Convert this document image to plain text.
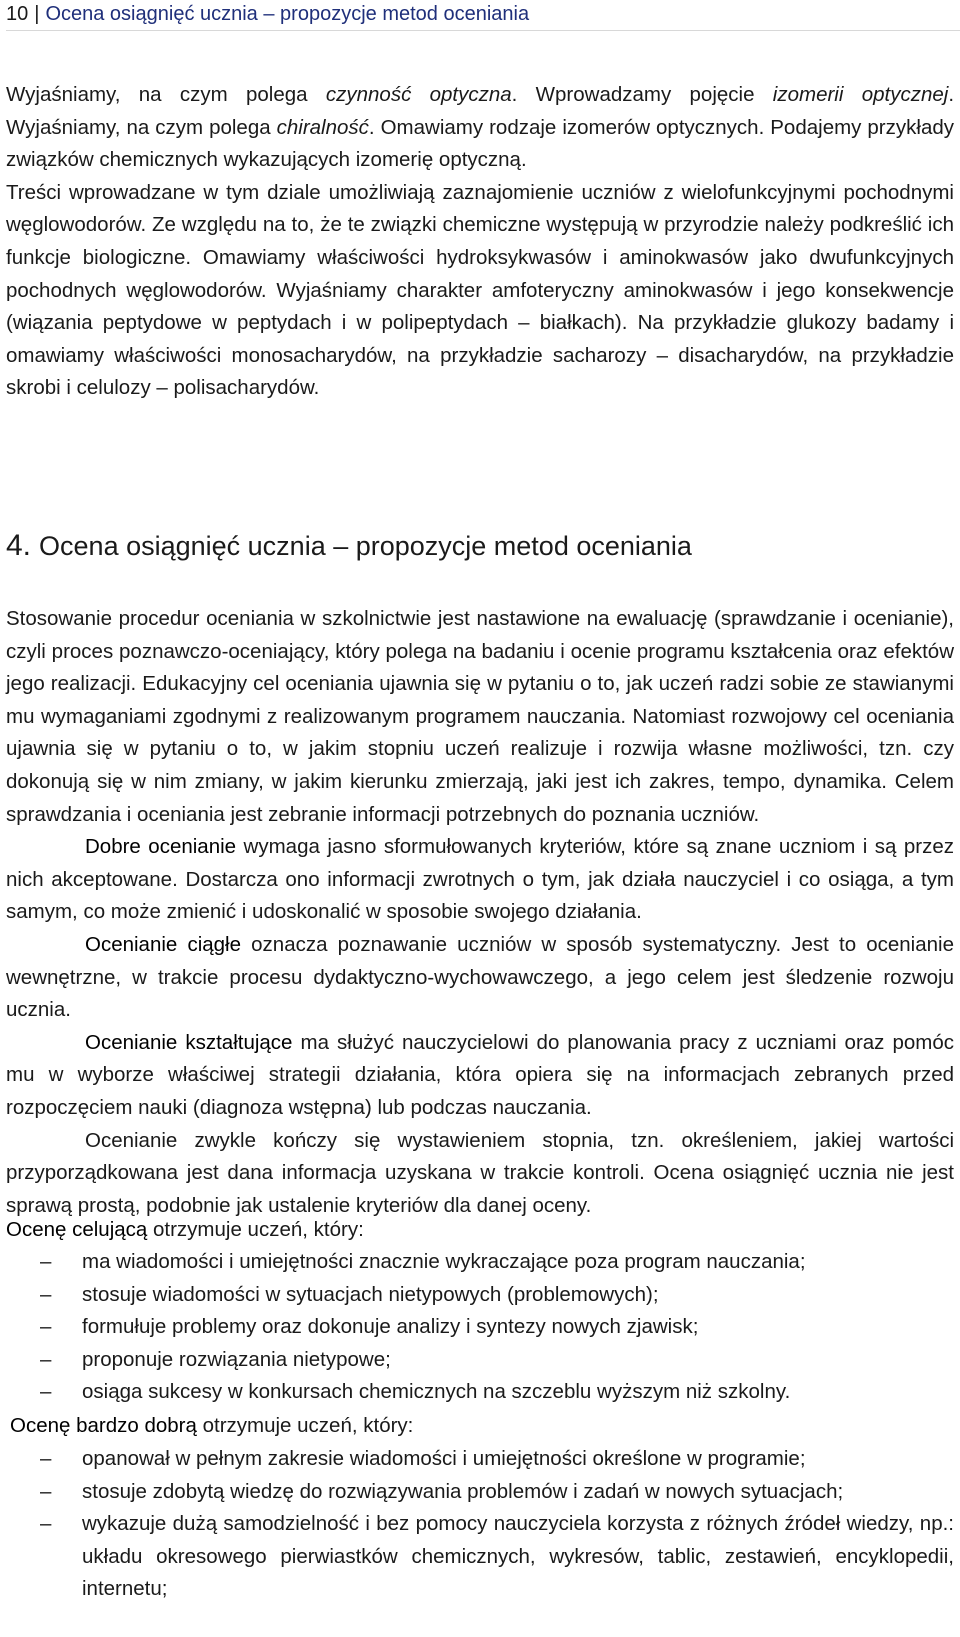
10 | Ocena osiągnięć ucznia – propozycje metod oceniania

Wyjaśniamy, na czym polega czynność optyczna. Wprowadzamy pojęcie izomerii optycznej. Wyjaśniamy, na czym polega chiralność. Omawiamy rodzaje izomerów optycznych. Podajemy przykłady związków chemicznych wykazujących izomerię optyczną.

Treści wprowadzane w tym dziale umożliwiają zaznajomienie uczniów z wielofunkcyjnymi pochodnymi węglowodorów. Ze względu na to, że te związki chemiczne występują w przyrodzie należy podkreślić ich funkcje biologiczne. Omawiamy właściwości hydroksykwasów i aminokwasów jako dwufunkcyjnych pochodnych węglowodorów. Wyjaśniamy charakter amfoteryczny aminokwasów i jego konsekwencje (wiązania peptydowe w peptydach i w polipeptydach – białkach). Na przykładzie glukozy badamy i omawiamy właściwości monosacharydów, na przykładzie sacharozy – disacharydów, na przykładzie skrobi i celulozy – polisacharydów.

4. Ocena osiągnięć ucznia – propozycje metod oceniania

Stosowanie procedur oceniania w szkolnictwie jest nastawione na ewaluację (sprawdzanie i ocenianie), czyli proces poznawczo-oceniający, który polega na badaniu i ocenie programu kształcenia oraz efektów jego realizacji. Edukacyjny cel oceniania ujawnia się w pytaniu o to, jak uczeń radzi sobie ze stawianymi mu wymaganiami zgodnymi z realizowanym programem nauczania. Natomiast rozwojowy cel oceniania ujawnia się w pytaniu o to, w jakim stopniu uczeń realizuje i rozwija własne możliwości, tzn. czy dokonują się w nim zmiany, w jakim kierunku zmierzają, jaki jest ich zakres, tempo, dynamika. Celem sprawdzania i oceniania jest zebranie informacji potrzebnych do poznania uczniów.

Dobre ocenianie wymaga jasno sformułowanych kryteriów, które są znane uczniom i są przez nich akceptowane. Dostarcza ono informacji zwrotnych o tym, jak działa nauczyciel i co osiąga, a tym samym, co może zmienić i udoskonalić w sposobie swojego działania.

Ocenianie ciągłe oznacza poznawanie uczniów w sposób systematyczny. Jest to ocenianie wewnętrzne, w trakcie procesu dydaktyczno-wychowawczego, a jego celem jest śledzenie rozwoju ucznia.

Ocenianie kształtujące ma służyć nauczycielowi do planowania pracy z uczniami oraz pomóc mu w wyborze właściwej strategii działania, która opiera się na informacjach zebranych przed rozpoczęciem nauki (diagnoza wstępna) lub podczas nauczania.

Ocenianie zwykle kończy się wystawieniem stopnia, tzn. określeniem, jakiej wartości przyporządkowana jest dana informacja uzyskana w trakcie kontroli. Ocena osiągnięć ucznia nie jest sprawą prostą, podobnie jak ustalenie kryteriów dla danej oceny.

Ocenę celującą otrzymuje uczeń, który:
– ma wiadomości i umiejętności znacznie wykraczające poza program nauczania;
– stosuje wiadomości w sytuacjach nietypowych (problemowych);
– formułuje problemy oraz dokonuje analizy i syntezy nowych zjawisk;
– proponuje rozwiązania nietypowe;
– osiąga sukcesy w konkursach chemicznych na szczeblu wyższym niż szkolny.
Ocenę bardzo dobrą otrzymuje uczeń, który:
– opanował w pełnym zakresie wiadomości i umiejętności określone w programie;
– stosuje zdobytą wiedzę do rozwiązywania problemów i zadań w nowych sytuacjach;
– wykazuje dużą samodzielność i bez pomocy nauczyciela korzysta z różnych źródeł wiedzy, np.: układu okresowego pierwiastków chemicznych, wykresów, tablic, zestawień, encyklopedii, internetu;
